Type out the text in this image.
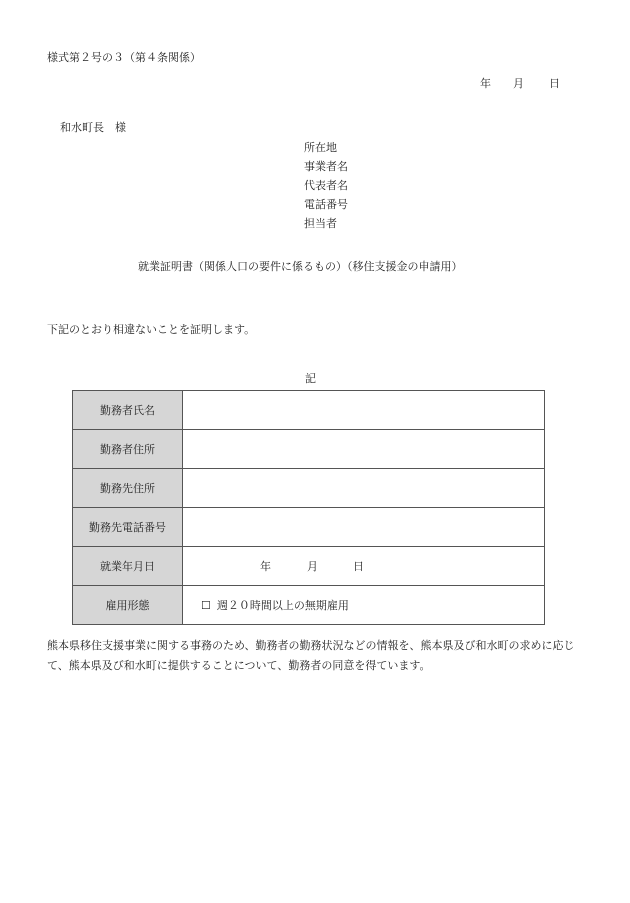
様式第２号の３（第４条関係）
年 月 日
和水町長　様
所在地
事業者名
代表者名
電話番号
担当者
就業証明書（関係人口の要件に係るもの）（移住支援金の申請用）
下記のとおり相違ないことを証明します。
記
勤務者氏名	
勤務者住所	
勤務先住所	
勤務先電話番号	
就業年月日	年 月 日
雇用形態	☐ 週２０時間以上の無期雇用
熊本県移住支援事業に関する事務のため、勤務者の勤務状況などの情報を、熊本県及び和水町の求めに応じて、熊本県及び和水町に提供することについて、勤務者の同意を得ています。
